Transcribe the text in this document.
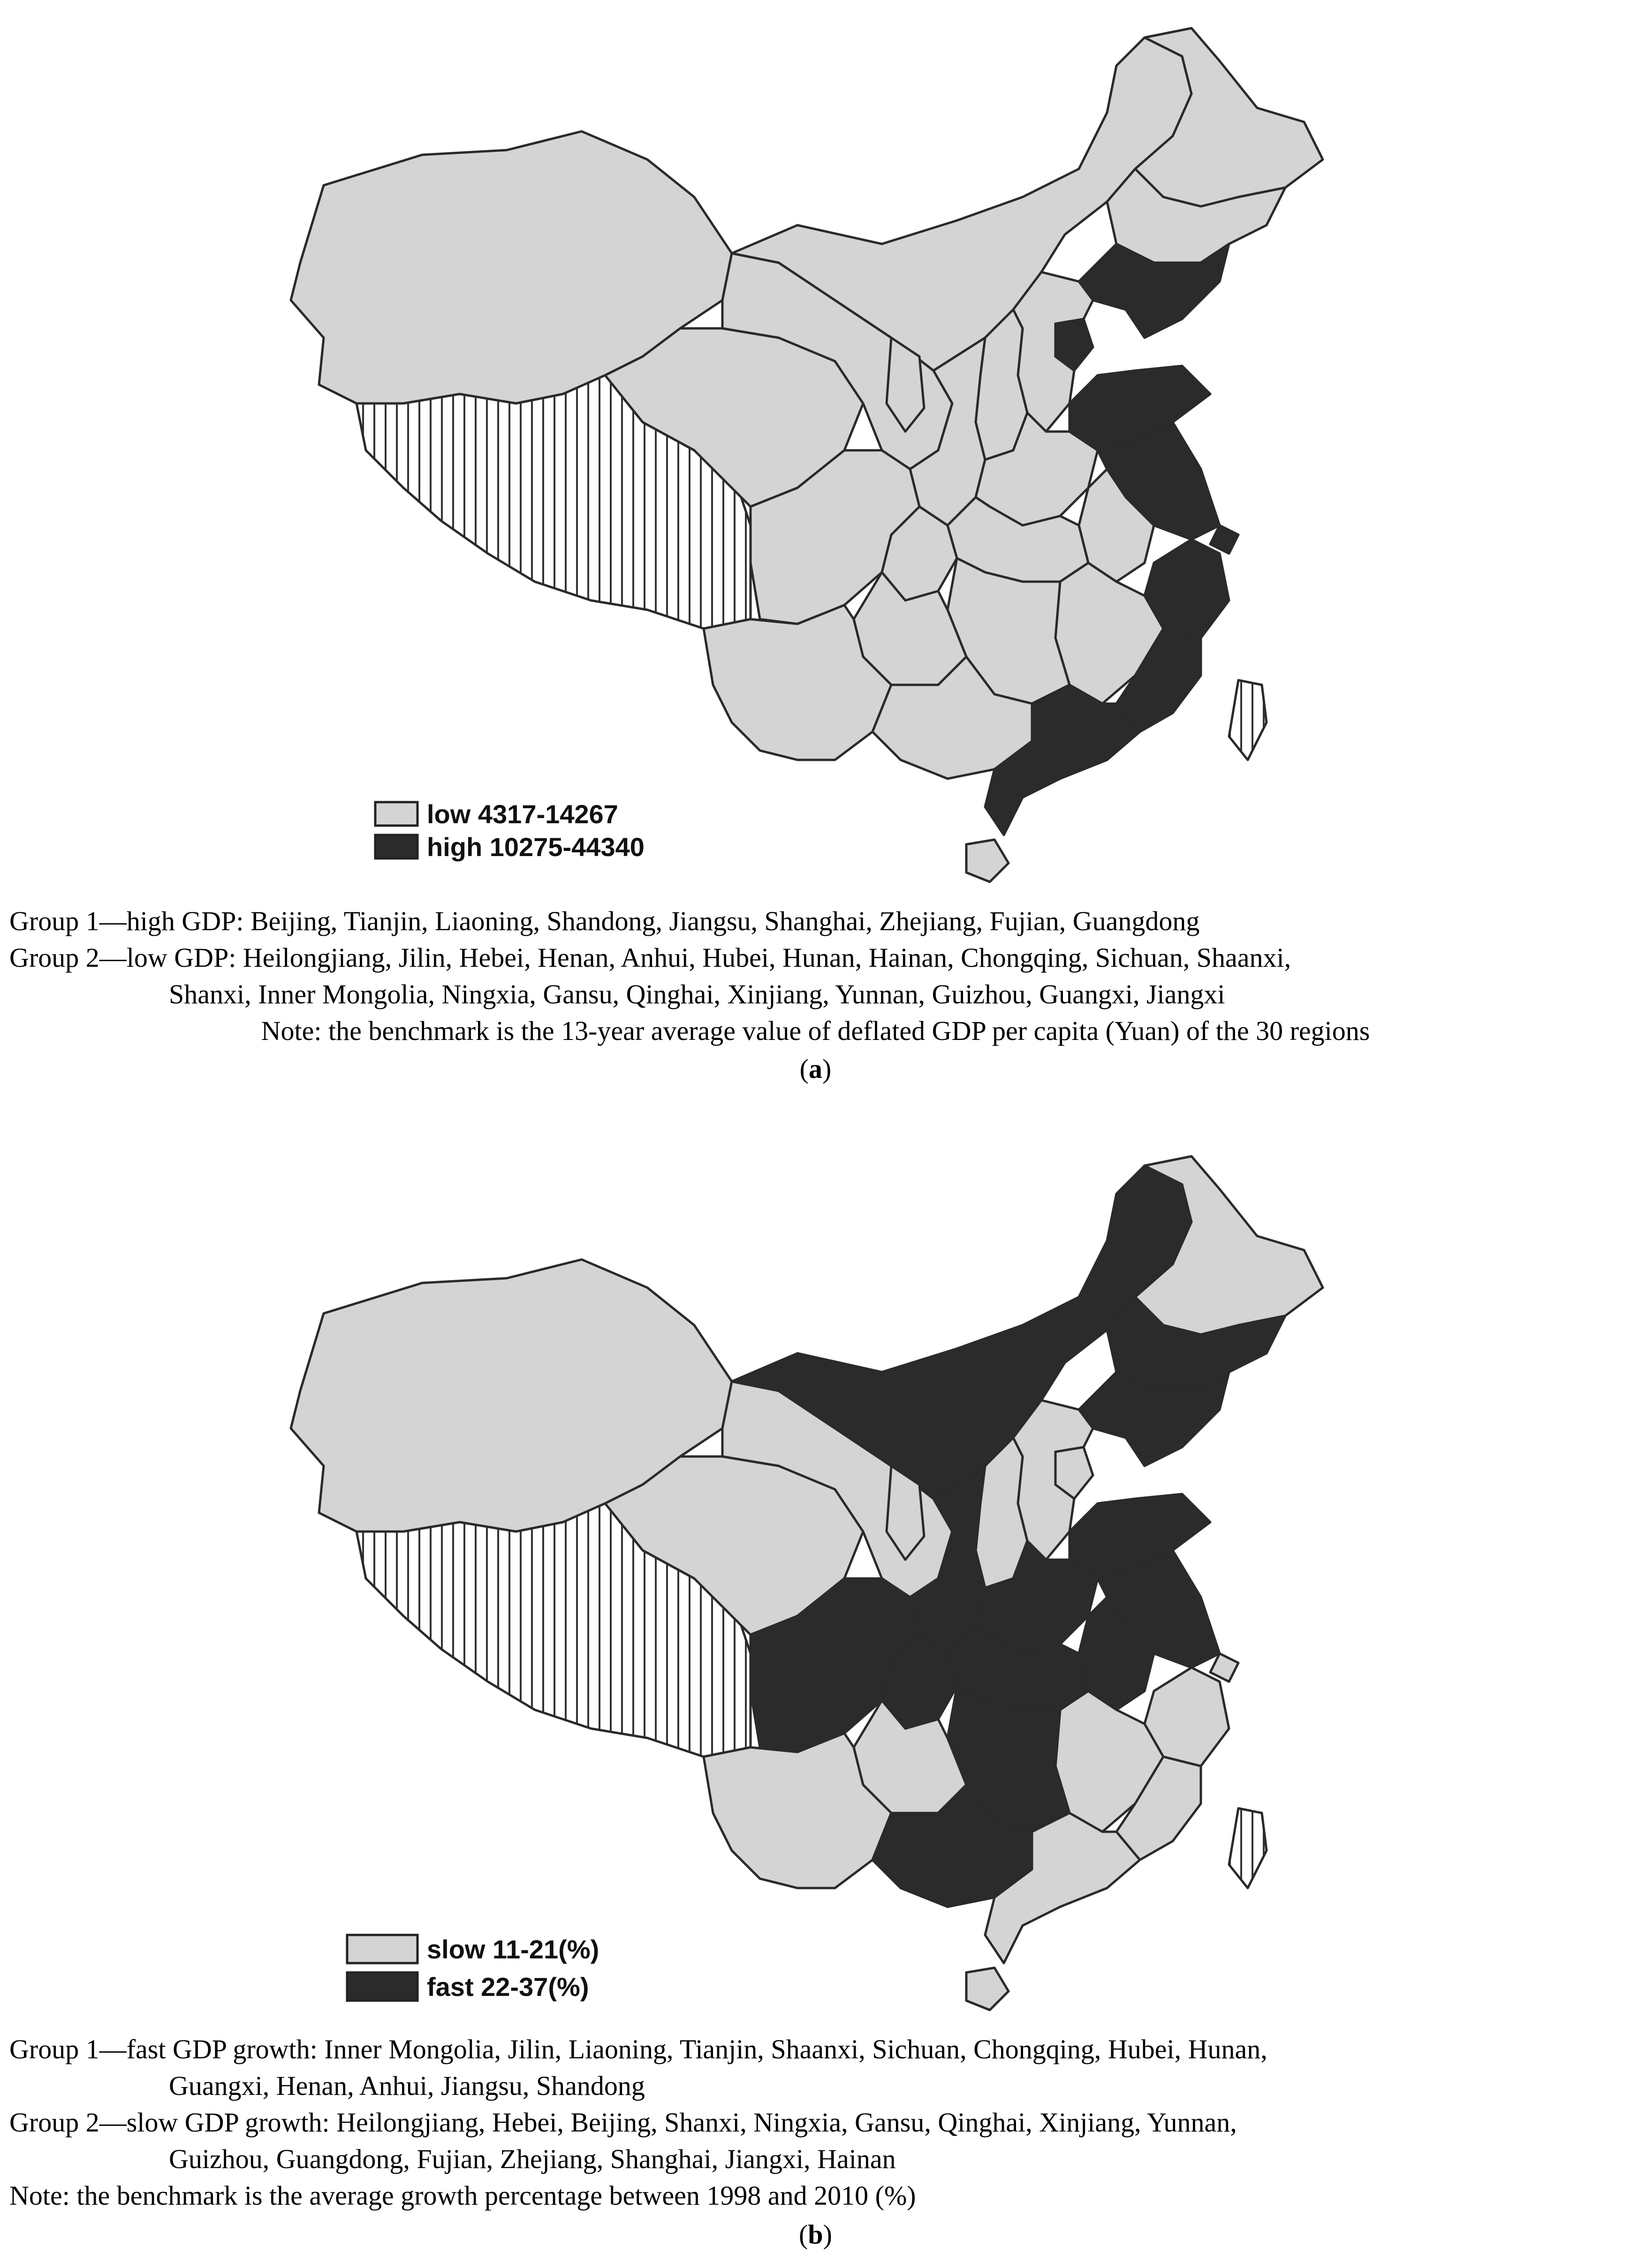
low 4317-14267
high 10275-44340
Group 1—high GDP: Beijing, Tianjin, Liaoning, Shandong, Jiangsu, Shanghai, Zhejiang, Fujian, Guangdong
Group 2—low GDP: Heilongjiang, Jilin, Hebei, Henan, Anhui, Hubei, Hunan, Hainan, Chongqing, Sichuan, Shaanxi,
Shanxi, Inner Mongolia, Ningxia, Gansu, Qinghai, Xinjiang, Yunnan, Guizhou, Guangxi, Jiangxi
Note: the benchmark is the 13-year average value of deflated GDP per capita (Yuan) of the 30 regions
(a)
slow 11-21(%)
fast 22-37(%)
Group 1—fast GDP growth: Inner Mongolia, Jilin, Liaoning, Tianjin, Shaanxi, Sichuan, Chongqing, Hubei, Hunan,
Guangxi, Henan, Anhui, Jiangsu, Shandong
Group 2—slow GDP growth: Heilongjiang, Hebei, Beijing, Shanxi, Ningxia, Gansu, Qinghai, Xinjiang, Yunnan,
Guizhou, Guangdong, Fujian, Zhejiang, Shanghai, Jiangxi, Hainan
Note: the benchmark is the average growth percentage between 1998 and 2010 (%)
(b)
